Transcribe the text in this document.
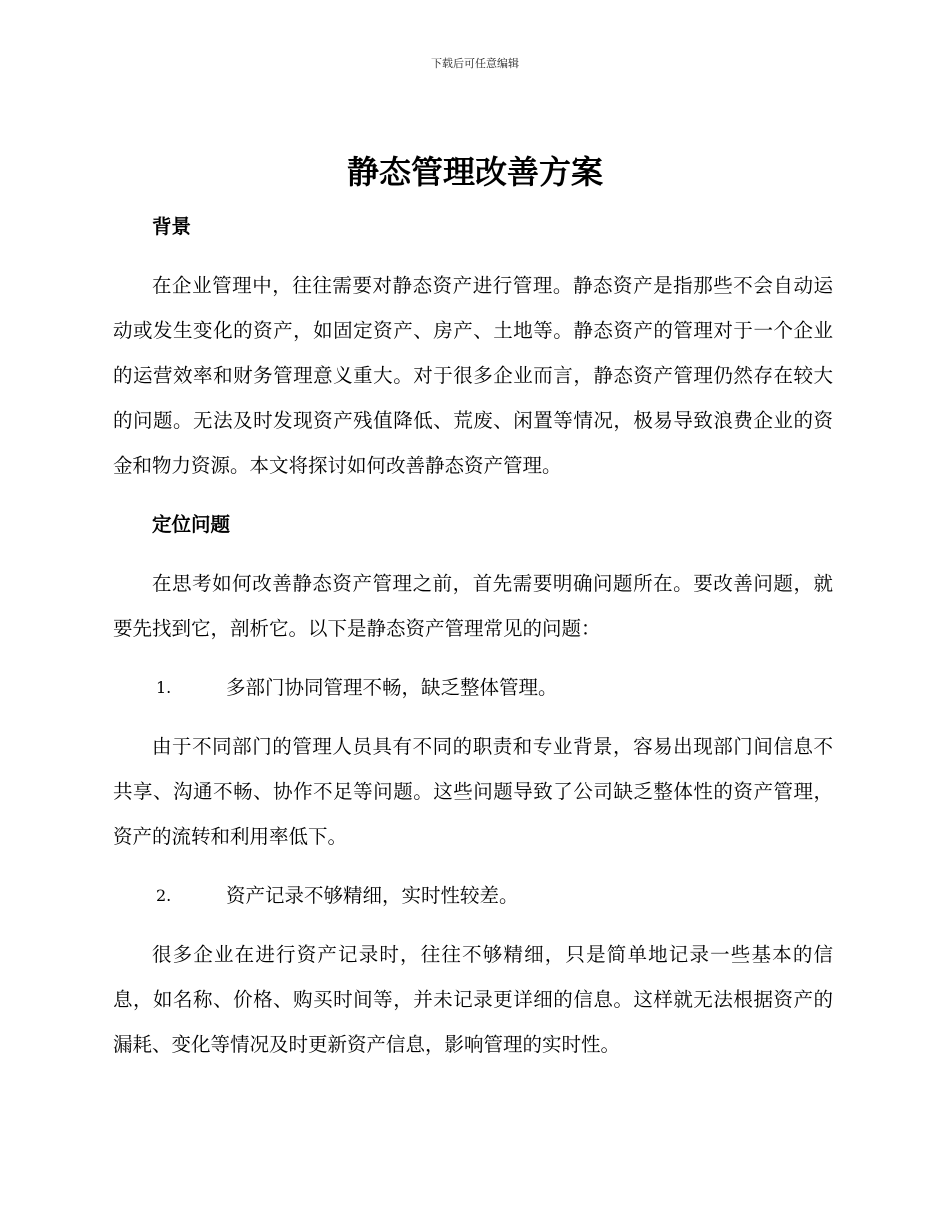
下载后可任意编辑
静态管理改善方案

背景

在企业管理中，往往需要对静态资产进行管理。静态资产是指那些不会自动运动或发生变化的资产，如固定资产、房产、土地等。静态资产的管理对于一个企业的运营效率和财务管理意义重大。对于很多企业而言，静态资产管理仍然存在较大的问题。无法及时发现资产残值降低、荒废、闲置等情况，极易导致浪费企业的资金和物力资源。本文将探讨如何改善静态资产管理。

定位问题

在思考如何改善静态资产管理之前，首先需要明确问题所在。要改善问题，就要先找到它，剖析它。以下是静态资产管理常见的问题：

1.	多部门协同管理不畅，缺乏整体管理。

由于不同部门的管理人员具有不同的职责和专业背景，容易出现部门间信息不共享、沟通不畅、协作不足等问题。这些问题导致了公司缺乏整体性的资产管理，资产的流转和利用率低下。

2.	资产记录不够精细，实时性较差。

很多企业在进行资产记录时，往往不够精细，只是简单地记录一些基本的信息，如名称、价格、购买时间等，并未记录更详细的信息。这样就无法根据资产的漏耗、变化等情况及时更新资产信息，影响管理的实时性。
